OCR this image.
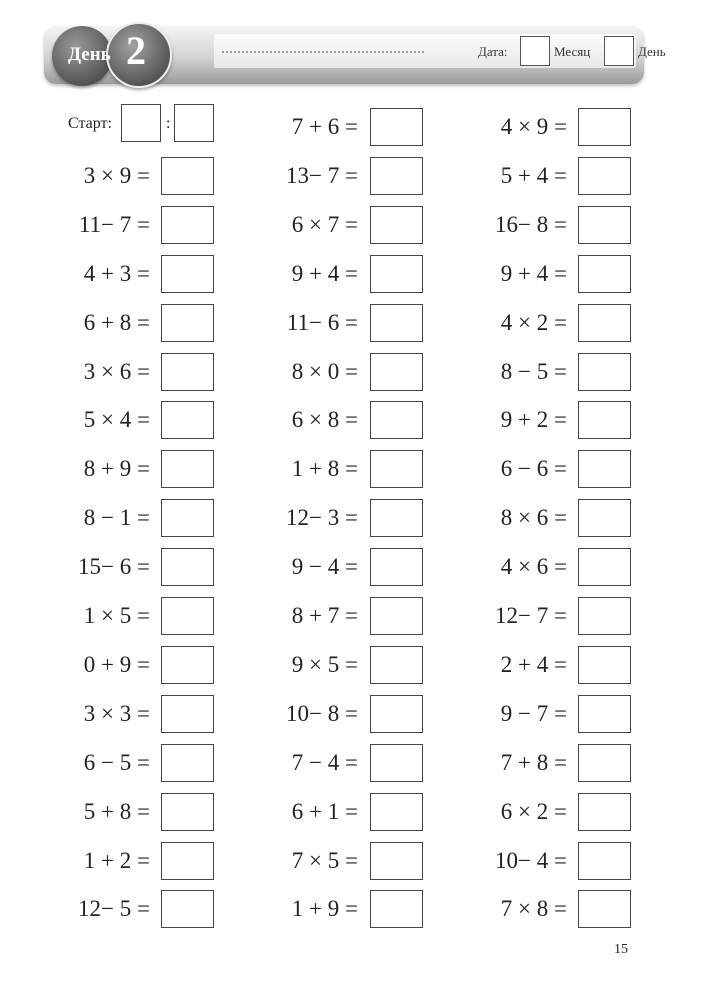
Дата:	Месяц	День
День 2
Старт:	:
3 × 9 =
11− 7 =
4 + 3 =
6 + 8 =
3 × 6 =
5 × 4 =
8 + 9 =
8 − 1 =
15− 6 =
1 × 5 =
0 + 9 =
3 × 3 =
6 − 5 =
5 + 8 =
1 + 2 =
12− 5 =
7 + 6 =
13− 7 =
6 × 7 =
9 + 4 =
11− 6 =
8 × 0 =
6 × 8 =
1 + 8 =
12− 3 =
9 − 4 =
8 + 7 =
9 × 5 =
10− 8 =
7 − 4 =
6 + 1 =
7 × 5 =
1 + 9 =
4 × 9 =
5 + 4 =
16− 8 =
9 + 4 =
4 × 2 =
8 − 5 =
9 + 2 =
6 − 6 =
8 × 6 =
4 × 6 =
12− 7 =
2 + 4 =
9 − 7 =
7 + 8 =
6 × 2 =
10− 4 =
7 × 8 =
15
